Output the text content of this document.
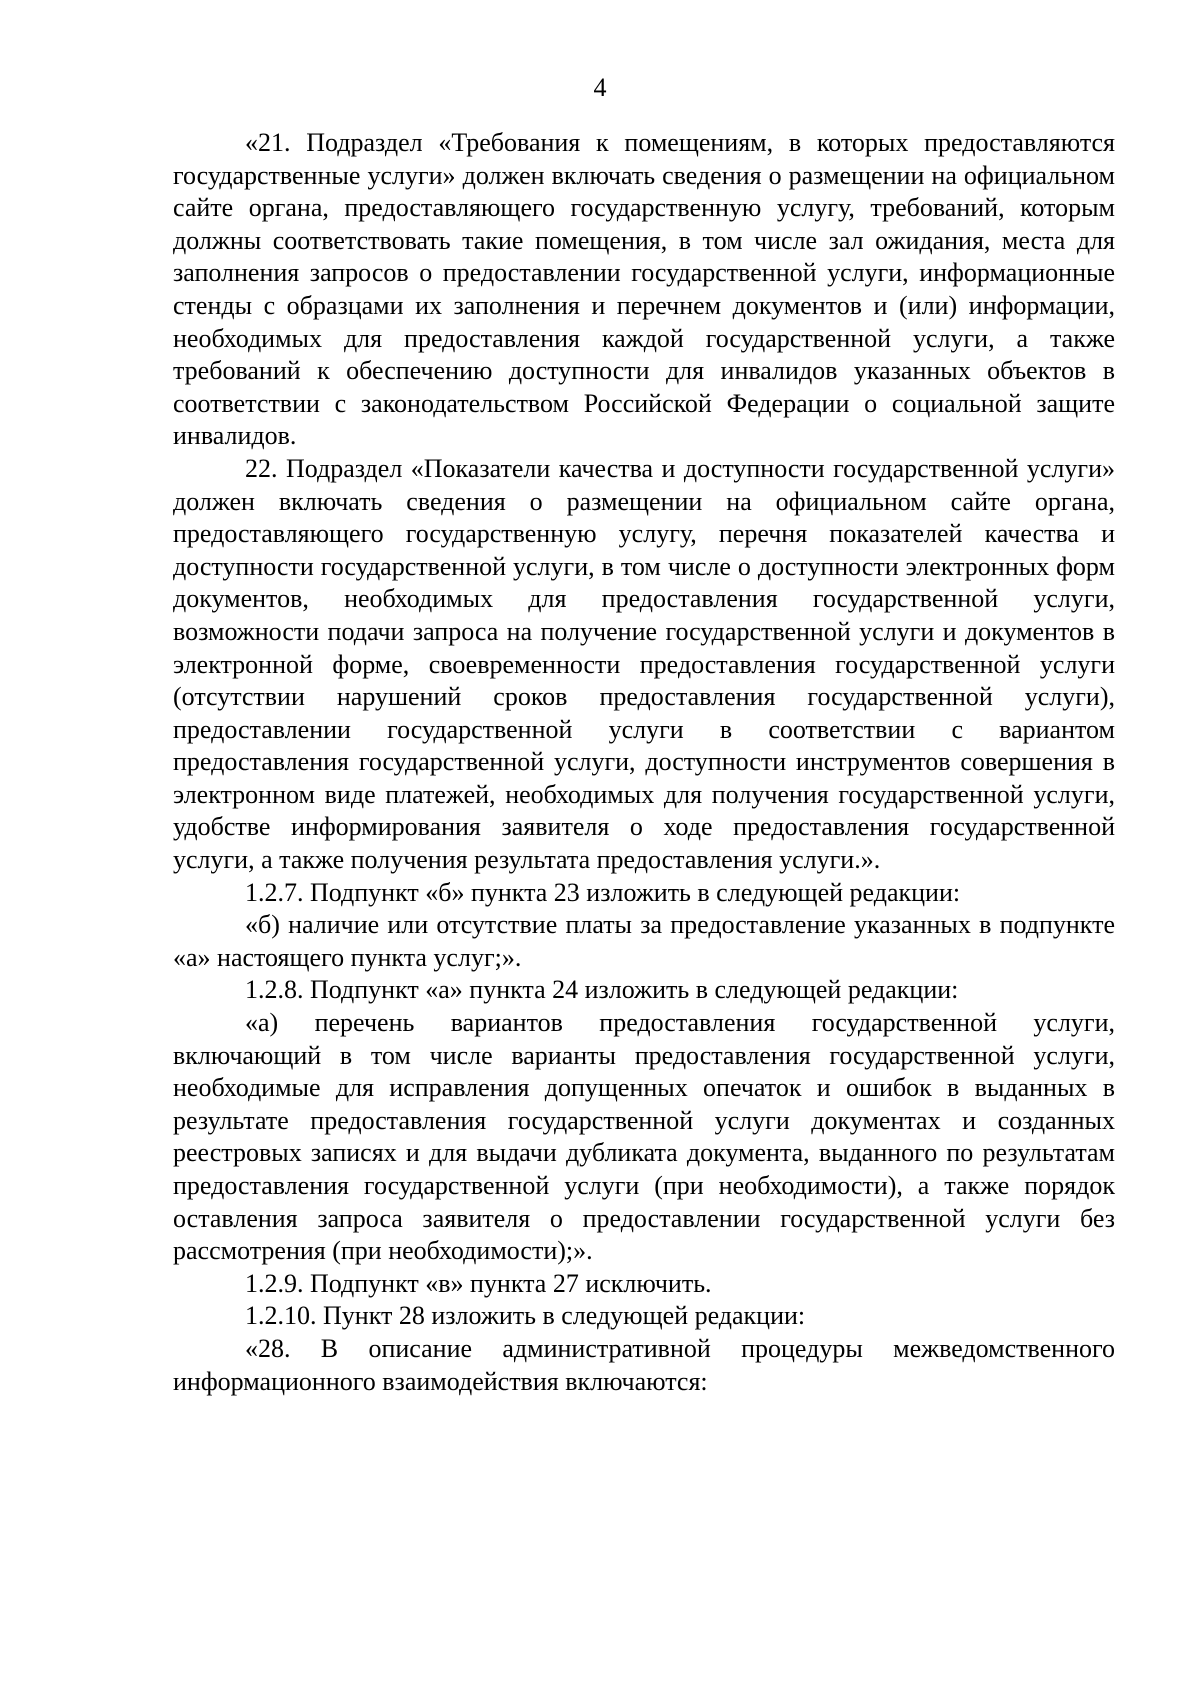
4

«21. Подраздел «Требования к помещениям, в которых предоставляются государственные услуги» должен включать сведения о размещении на официальном сайте органа, предоставляющего государственную услугу, требований, которым должны соответствовать такие помещения, в том числе зал ожидания, места для заполнения запросов о предоставлении государственной услуги, информационные стенды с образцами их заполнения и перечнем документов и (или) информации, необходимых для предоставления каждой государственной услуги, а также требований к обеспечению доступности для инвалидов указанных объектов в соответствии с законодательством Российской Федерации о социальной защите инвалидов.

22. Подраздел «Показатели качества и доступности государственной услуги» должен включать сведения о размещении на официальном сайте органа, предоставляющего государственную услугу, перечня показателей качества и доступности государственной услуги, в том числе о доступности электронных форм документов, необходимых для предоставления государственной услуги, возможности подачи запроса на получение государственной услуги и документов в электронной форме, своевременности предоставления государственной услуги (отсутствии нарушений сроков предоставления государственной услуги), предоставлении государственной услуги в соответствии с вариантом предоставления государственной услуги, доступности инструментов совершения в электронном виде платежей, необходимых для получения государственной услуги, удобстве информирования заявителя о ходе предоставления государственной услуги, а также получения результата предоставления услуги.».

1.2.7. Подпункт «б» пункта 23 изложить в следующей редакции:

«б) наличие или отсутствие платы за предоставление указанных в подпункте «а» настоящего пункта услуг;».

1.2.8. Подпункт «а» пункта 24 изложить в следующей редакции:

«а) перечень вариантов предоставления государственной услуги, включающий в том числе варианты предоставления государственной услуги, необходимые для исправления допущенных опечаток и ошибок в выданных в результате предоставления государственной услуги документах и созданных реестровых записях и для выдачи дубликата документа, выданного по результатам предоставления государственной услуги (при необходимости), а также порядок оставления запроса заявителя о предоставлении государственной услуги без рассмотрения (при необходимости);».

1.2.9. Подпункт «в» пункта 27 исключить.

1.2.10. Пункт 28 изложить в следующей редакции:

«28. В описание административной процедуры межведомственного информационного взаимодействия включаются:
